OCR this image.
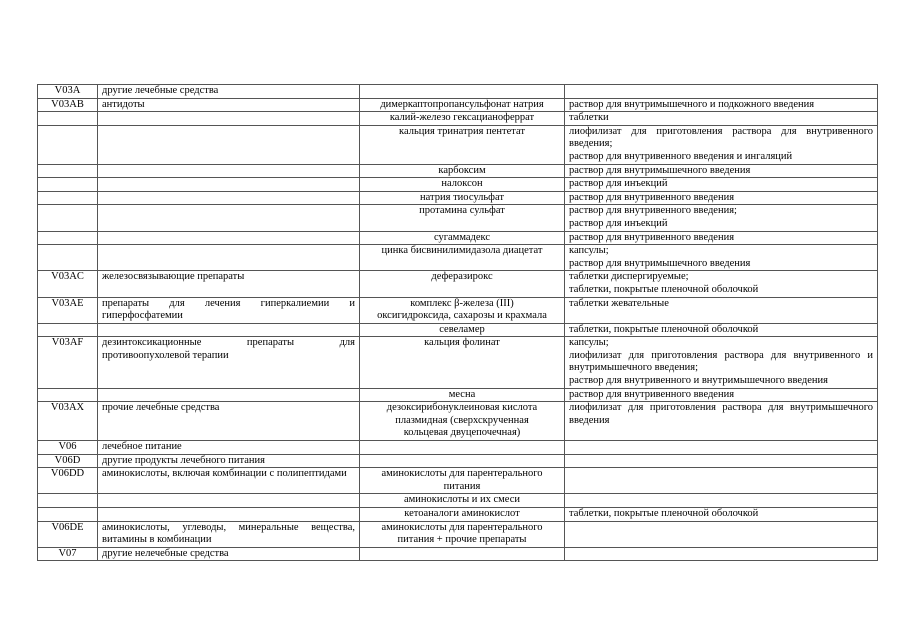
V03A	другие лечебные средства		
V03AB	антидоты	димеркаптопропансульфонат натрия	раствор для внутримышечного и подкожного введения

		калий-железо гексацианоферрат	таблетки

		кальция тринатрия пентетат	лиофилизат для приготовления раствора для внутривенного введения;
раствор для внутривенного введения и ингаляций

		карбоксим	раствор для внутримышечного введения

		налоксон	раствор для инъекций

		натрия тиосульфат	раствор для внутривенного введения

		протамина сульфат	раствор для внутривенного введения;
раствор для инъекций

		сугаммадекс	раствор для внутривенного введения

		цинка бисвинилимидазола диацетат	капсулы;
раствор для внутримышечного введения

V03AC	железосвязывающие препараты	деферазирокс	таблетки диспергируемые;
таблетки, покрытые пленочной оболочкой

V03AE	препараты для лечения гиперкалиемии и гиперфосфатемии	комплекс β-железа (III)
оксигидроксида, сахарозы и крахмала	таблетки жевательные

		севеламер	таблетки, покрытые пленочной оболочкой

V03AF	дезинтоксикационные препараты для противоопухолевой терапии	кальция фолинат	капсулы;
лиофилизат для приготовления раствора для внутривенного и внутримышечного введения;
раствор для внутривенного и внутримышечного введения

		месна	раствор для внутривенного введения

V03AX	прочие лечебные средства	дезоксирибонуклеиновая кислота
плазмидная (сверхскрученная
кольцевая двуцепочечная)	лиофилизат для приготовления раствора для внутримышечного введения

V06	лечебное питание		
V06D	другие продукты лечебного питания		
V06DD	аминокислоты, включая комбинации с полипептидами	аминокислоты для парентерального
питания	

		аминокислоты и их смеси	

		кетоаналоги аминокислот	таблетки, покрытые пленочной оболочкой

V06DE	аминокислоты, углеводы, минеральные вещества, витамины в комбинации	аминокислоты для парентерального
питания + прочие препараты	

V07	другие нелечебные средства		
